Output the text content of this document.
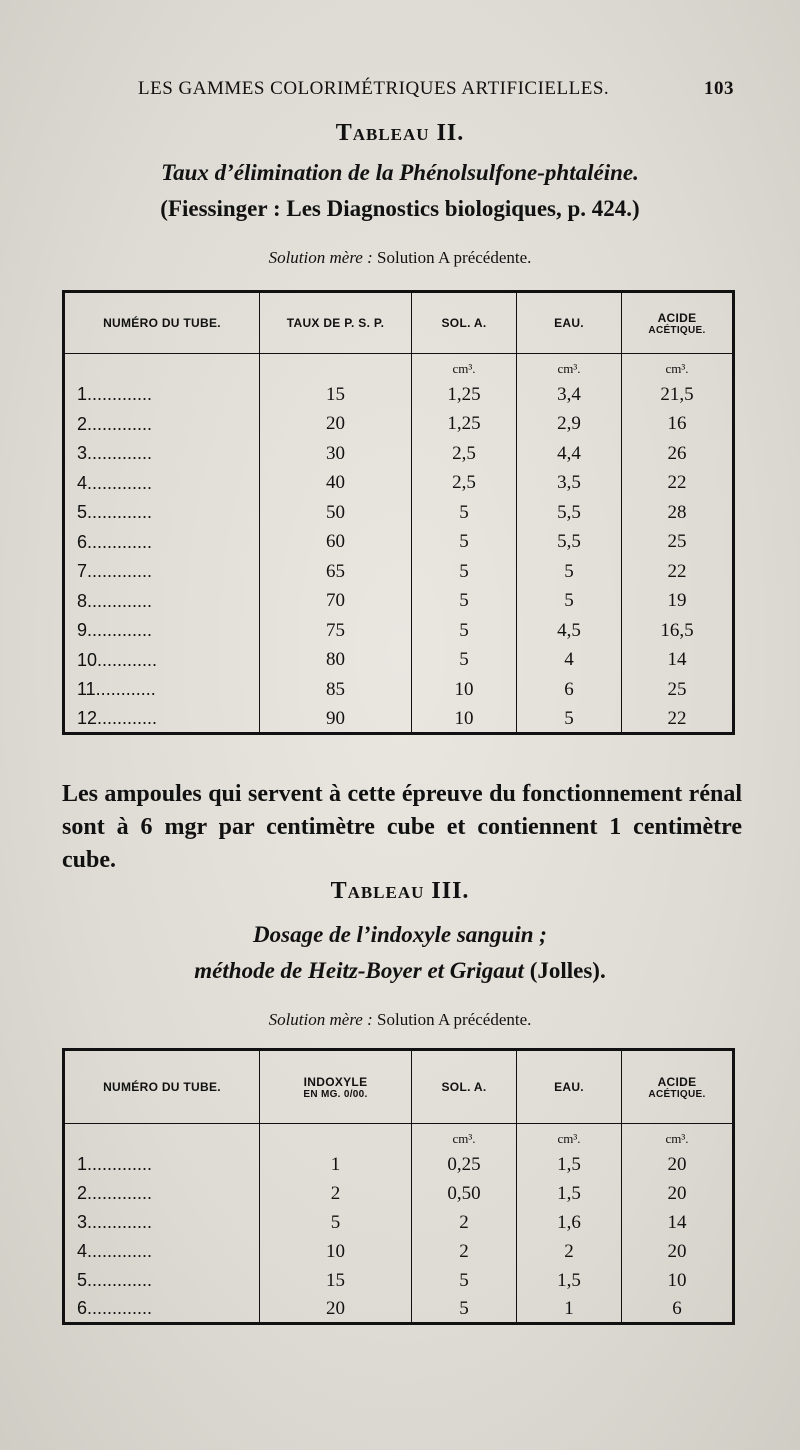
LES GAMMES COLORIMÉTRIQUES ARTIFICIELLES.	103
Tableau II.
Taux d’élimination de la Phénolsulfone-phtaléine.
(Fiessinger : Les Diagnostics biologiques, p. 424.)
Solution mère : Solution A précédente.
NUMÉRO DU TUBE.	TAUX DE P. S. P.	SOL. A.	EAU.	ACIDE

ACÉTIQUE.

		cm³.	cm³.	cm³.
1.............	15	1,25	3,4	21,5
2.............	20	1,25	2,9	16
3.............	30	2,5	4,4	26
4.............	40	2,5	3,5	22
5.............	50	5	5,5	28
6.............	60	5	5,5	25
7.............	65	5	5	22
8.............	70	5	5	19
9.............	75	5	4,5	16,5
10............	80	5	4	14
11............	85	10	6	25
12............	90	10	5	22
Les ampoules qui servent à cette épreuve du fonctionnement rénal sont à 6 mgr par centimètre cube et contiennent 1 centimètre cube.
Tableau III.
Dosage de l’indoxyle sanguin ;
méthode de Heitz-Boyer et Grigaut (Jolles).
Solution mère : Solution A précédente.
NUMÉRO DU TUBE.	INDOXYLE

EN MG. 0/00.	SOL. A.	EAU.	ACIDE

ACÉTIQUE.

		cm³.	cm³.	cm³.
1.............	1	0,25	1,5	20
2.............	2	0,50	1,5	20
3.............	5	2	1,6	14
4.............	10	2	2	20
5.............	15	5	1,5	10
6.............	20	5	1	6
